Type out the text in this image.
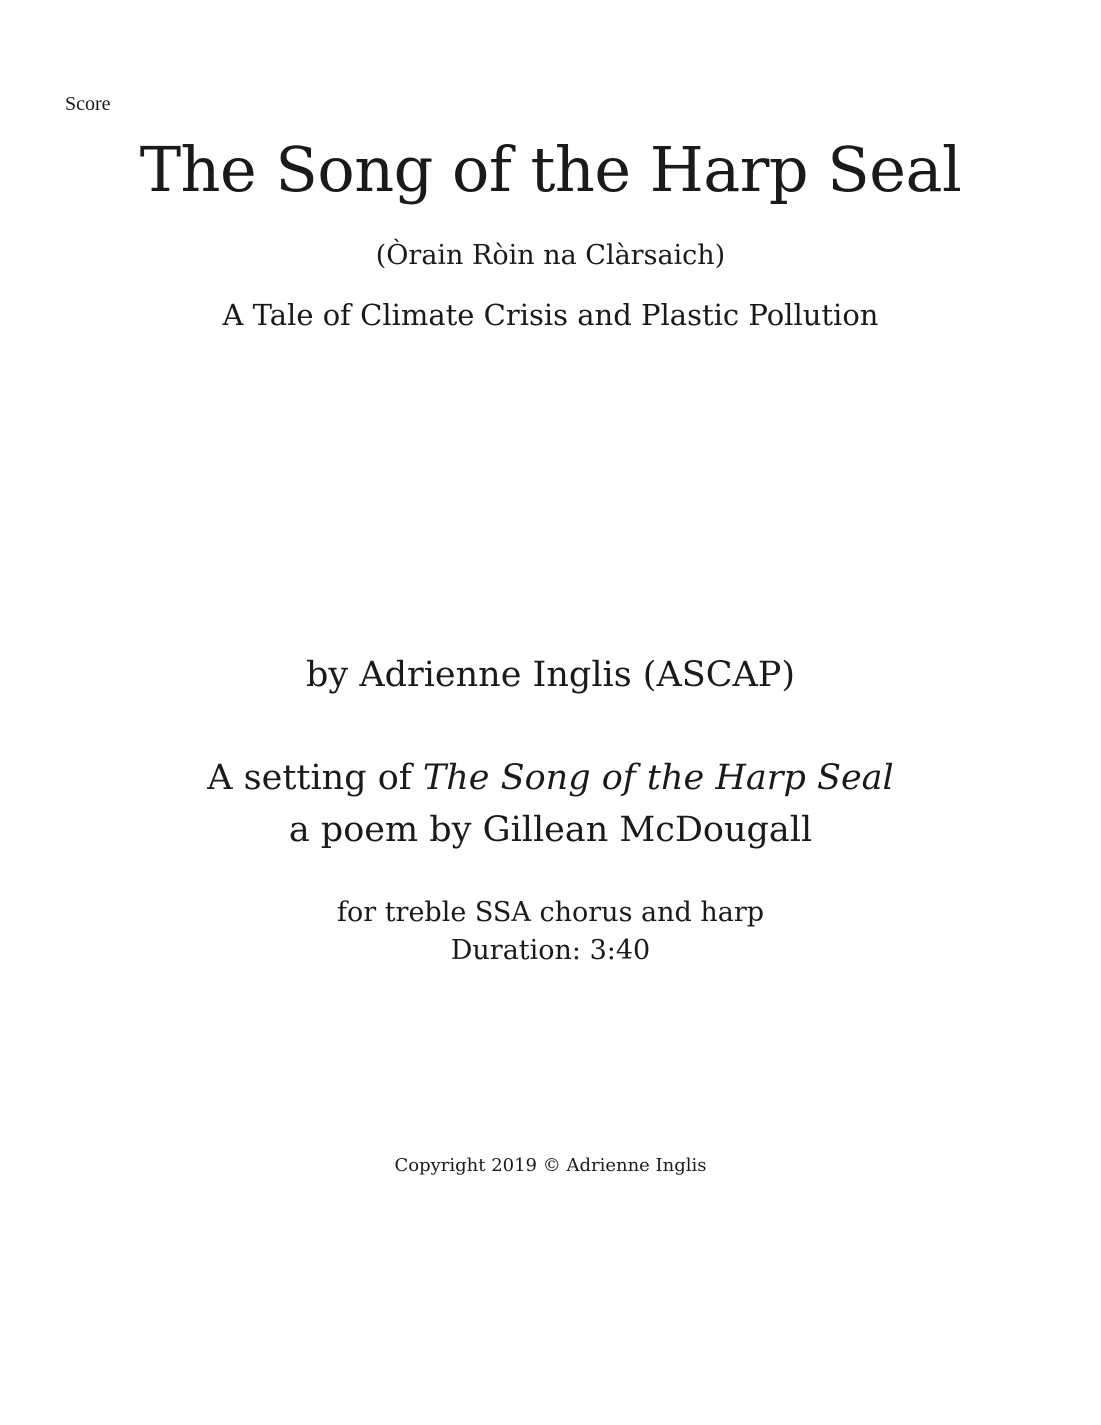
Score
The Song of the Harp Seal
(Òrain Ròin na Clàrsaich)
A Tale of Climate Crisis and Plastic Pollution
by Adrienne Inglis (ASCAP)
A setting of The Song of the Harp Seal
a poem by Gillean McDougall
for treble SSA chorus and harp
Duration: 3:40
Copyright 2019 © Adrienne Inglis
